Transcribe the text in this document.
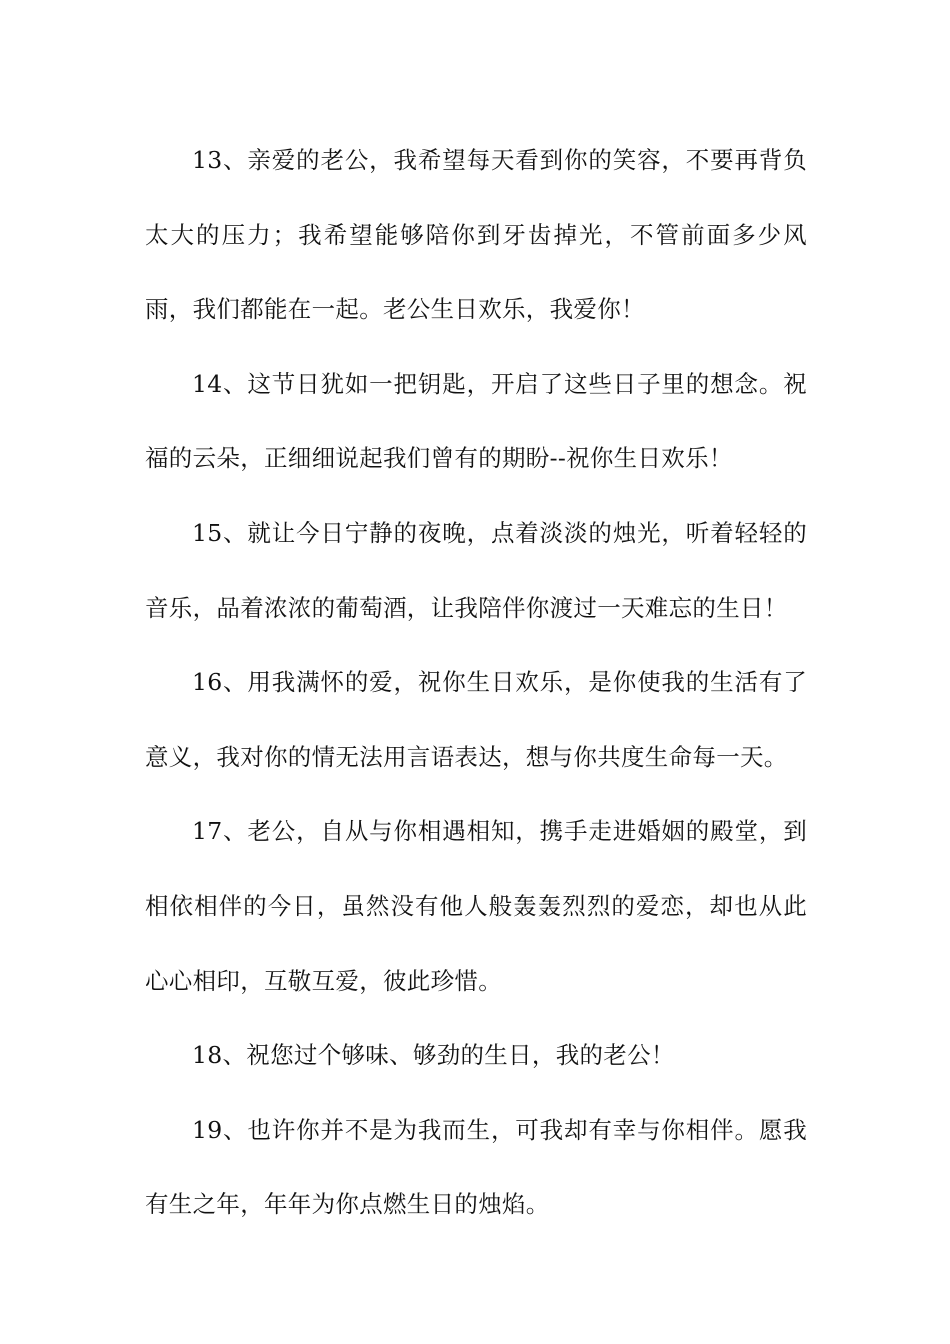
13、亲爱的老公，我希望每天看到你的笑容，不要再背负太大的压力；我希望能够陪你到牙齿掉光，不管前面多少风雨，我们都能在一起。老公生日欢乐，我爱你！

14、这节日犹如一把钥匙，开启了这些日子里的想念。祝福的云朵，正细细说起我们曾有的期盼--祝你生日欢乐！

15、就让今日宁静的夜晚，点着淡淡的烛光，听着轻轻的音乐，品着浓浓的葡萄酒，让我陪伴你渡过一天难忘的生日！

16、用我满怀的爱，祝你生日欢乐，是你使我的生活有了意义，我对你的情无法用言语表达，想与你共度生命每一天。

17、老公，自从与你相遇相知，携手走进婚姻的殿堂，到相依相伴的今日，虽然没有他人般轰轰烈烈的爱恋，却也从此心心相印，互敬互爱，彼此珍惜。

18、祝您过个够味、够劲的生日，我的老公！

19、也许你并不是为我而生，可我却有幸与你相伴。愿我有生之年，年年为你点燃生日的烛焰。
